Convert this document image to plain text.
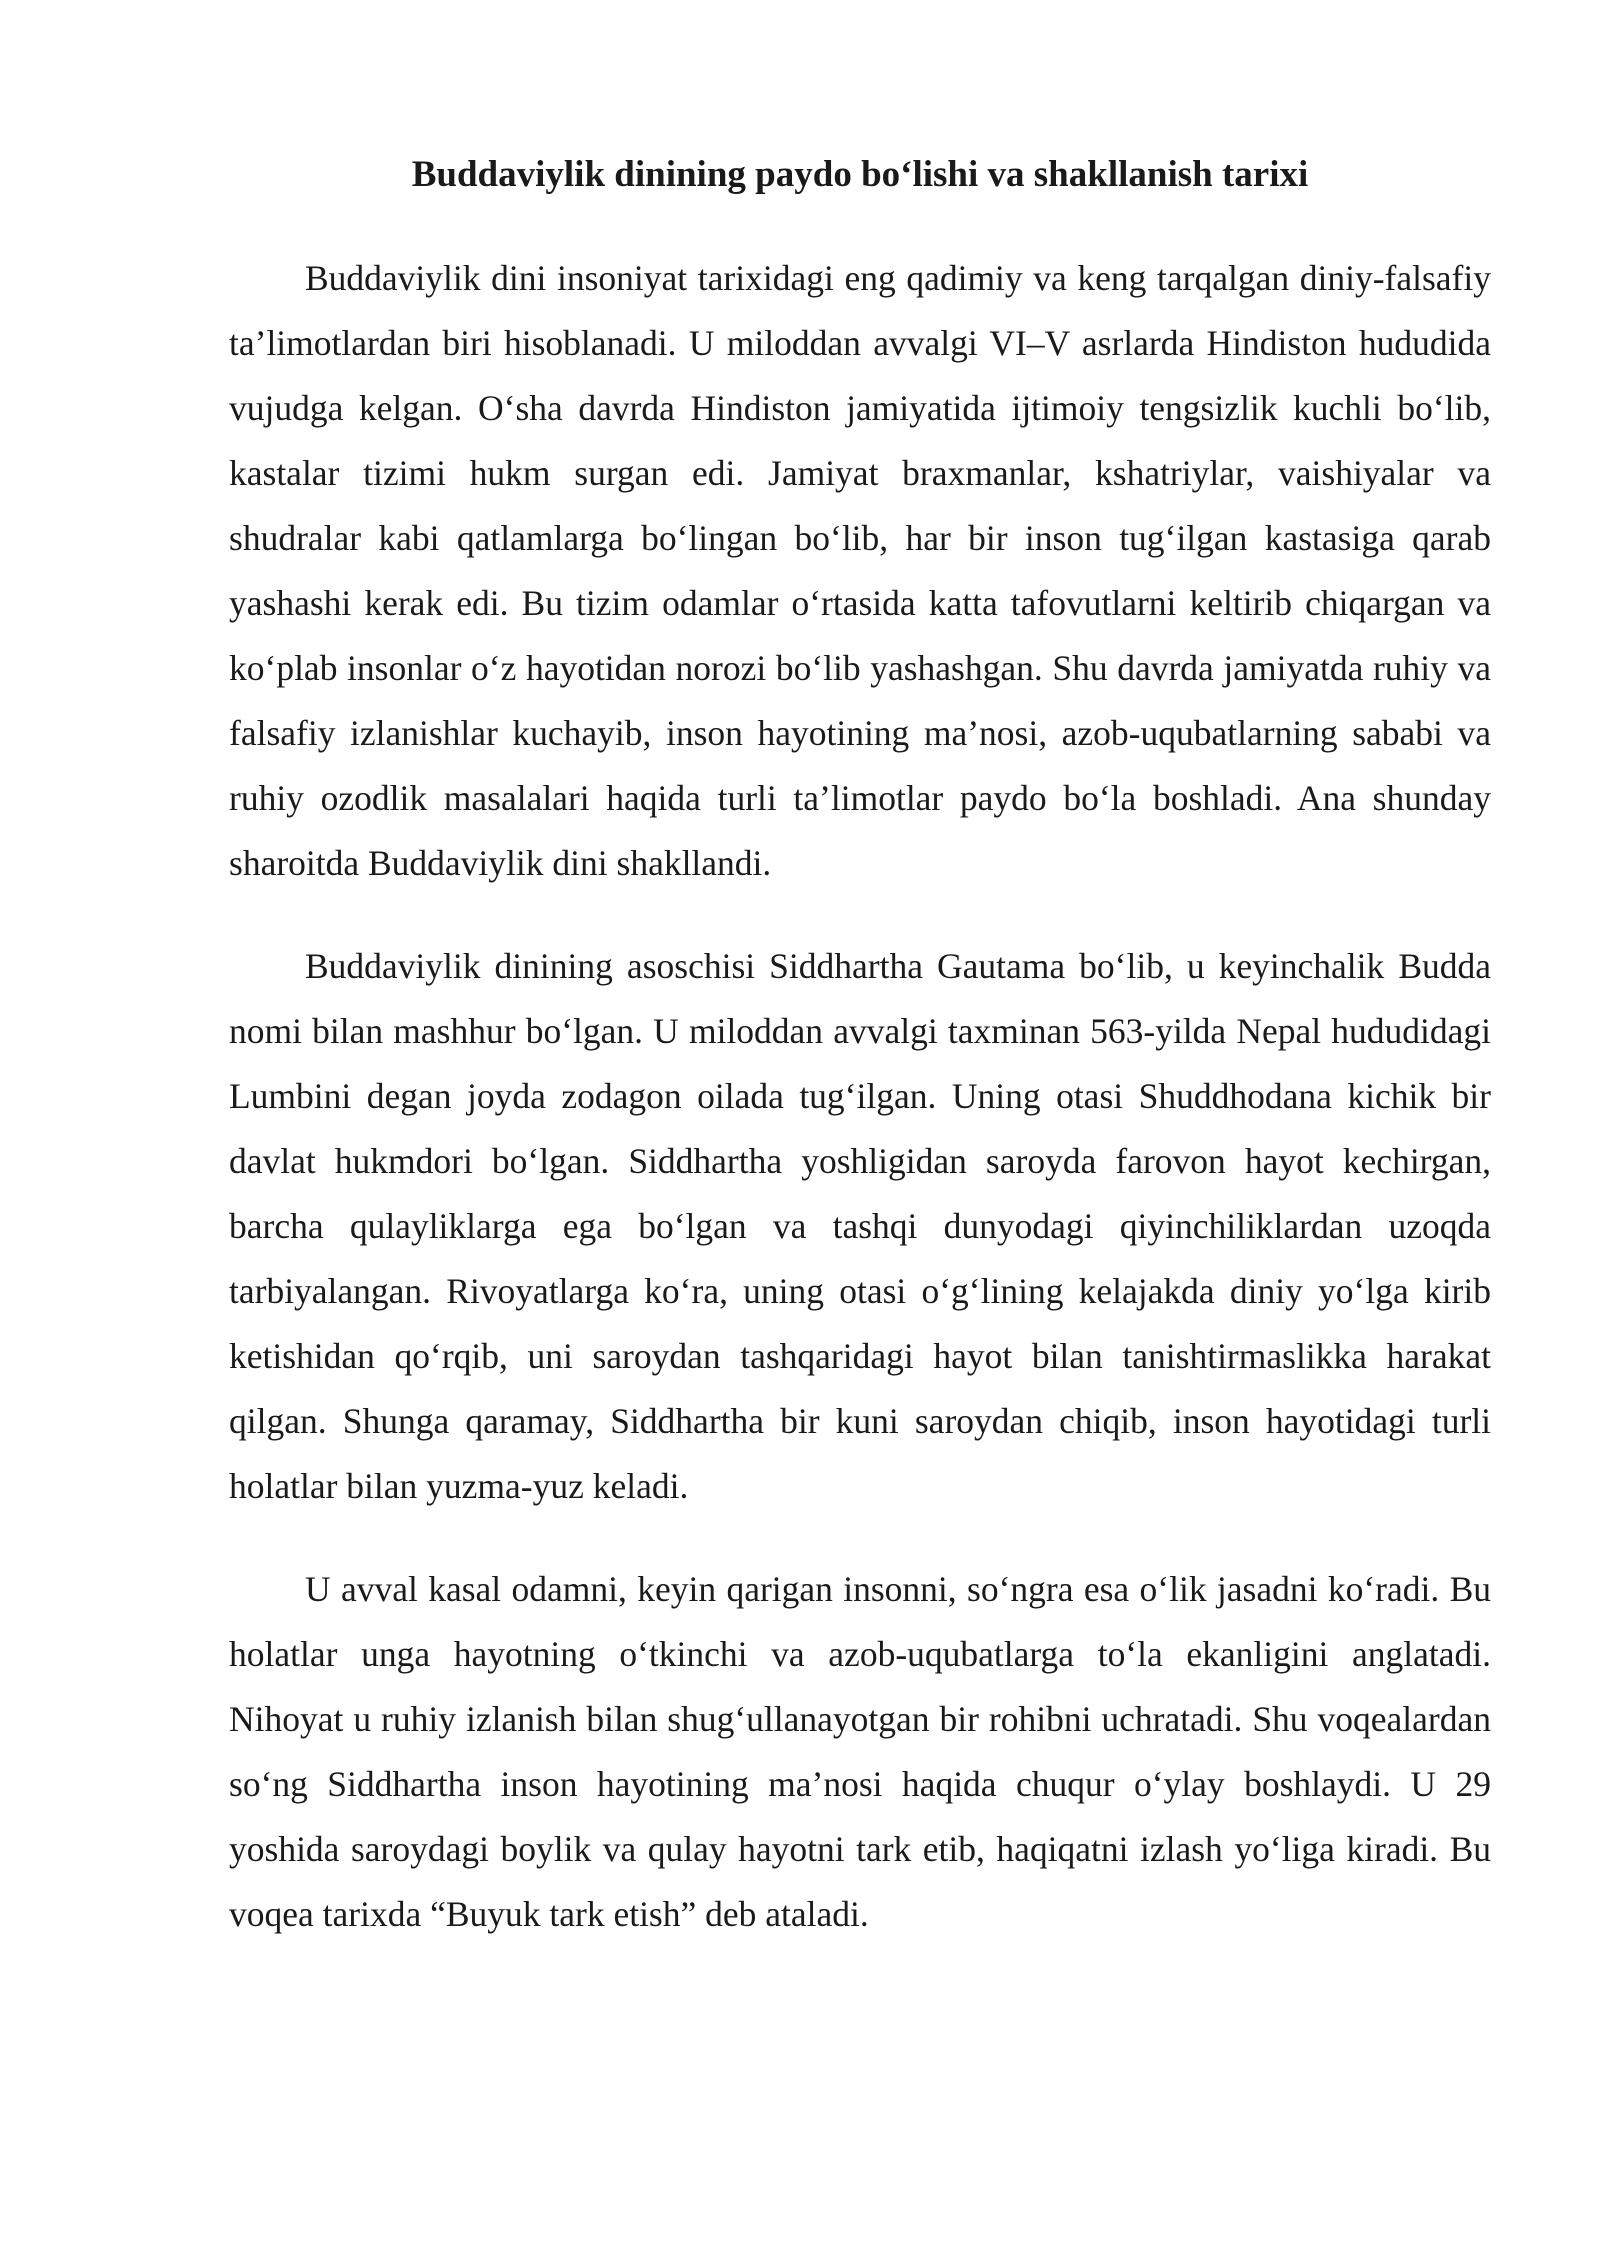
Buddaviylik dinining paydo bo‘lishi va shakllanish tarixi

Buddaviylik dini insoniyat tarixidagi eng qadimiy va keng tarqalgan diniy-falsafiy ta’limotlardan biri hisoblanadi. U miloddan avvalgi VI–V asrlarda Hindiston hududida vujudga kelgan. O‘sha davrda Hindiston jamiyatida ijtimoiy tengsizlik kuchli bo‘lib, kastalar tizimi hukm surgan edi. Jamiyat braxmanlar, kshatriylar, vaishiyalar va shudralar kabi qatlamlarga bo‘lingan bo‘lib, har bir inson tug‘ilgan kastasiga qarab yashashi kerak edi. Bu tizim odamlar o‘rtasida katta tafovutlarni keltirib chiqargan va ko‘plab insonlar o‘z hayotidan norozi bo‘lib yashashgan. Shu davrda jamiyatda ruhiy va falsafiy izlanishlar kuchayib, inson hayotining ma’nosi, azob-uqubatlarning sababi va ruhiy ozodlik masalalari haqida turli ta’limotlar paydo bo‘la boshladi. Ana shunday sharoitda Buddaviylik dini shakllandi.

Buddaviylik dinining asoschisi Siddhartha Gautama bo‘lib, u keyinchalik Budda nomi bilan mashhur bo‘lgan. U miloddan avvalgi taxminan 563-yilda Nepal hududidagi Lumbini degan joyda zodagon oilada tug‘ilgan. Uning otasi Shuddhodana kichik bir davlat hukmdori bo‘lgan. Siddhartha yoshligidan saroyda farovon hayot kechirgan, barcha qulayliklarga ega bo‘lgan va tashqi dunyodagi qiyinchiliklardan uzoqda tarbiyalangan. Rivoyatlarga ko‘ra, uning otasi o‘g‘lining kelajakda diniy yo‘lga kirib ketishidan qo‘rqib, uni saroydan tashqaridagi hayot bilan tanishtirmaslikka harakat qilgan. Shunga qaramay, Siddhartha bir kuni saroydan chiqib, inson hayotidagi turli holatlar bilan yuzma-yuz keladi.

U avval kasal odamni, keyin qarigan insonni, so‘ngra esa o‘lik jasadni ko‘radi. Bu holatlar unga hayotning o‘tkinchi va azob-uqubatlarga to‘la ekanligini anglatadi. Nihoyat u ruhiy izlanish bilan shug‘ullanayotgan bir rohibni uchratadi. Shu voqealardan so‘ng Siddhartha inson hayotining ma’nosi haqida chuqur o‘ylay boshlaydi. U 29 yoshida saroydagi boylik va qulay hayotni tark etib, haqiqatni izlash yo‘liga kiradi. Bu voqea tarixda “Buyuk tark etish” deb ataladi.
